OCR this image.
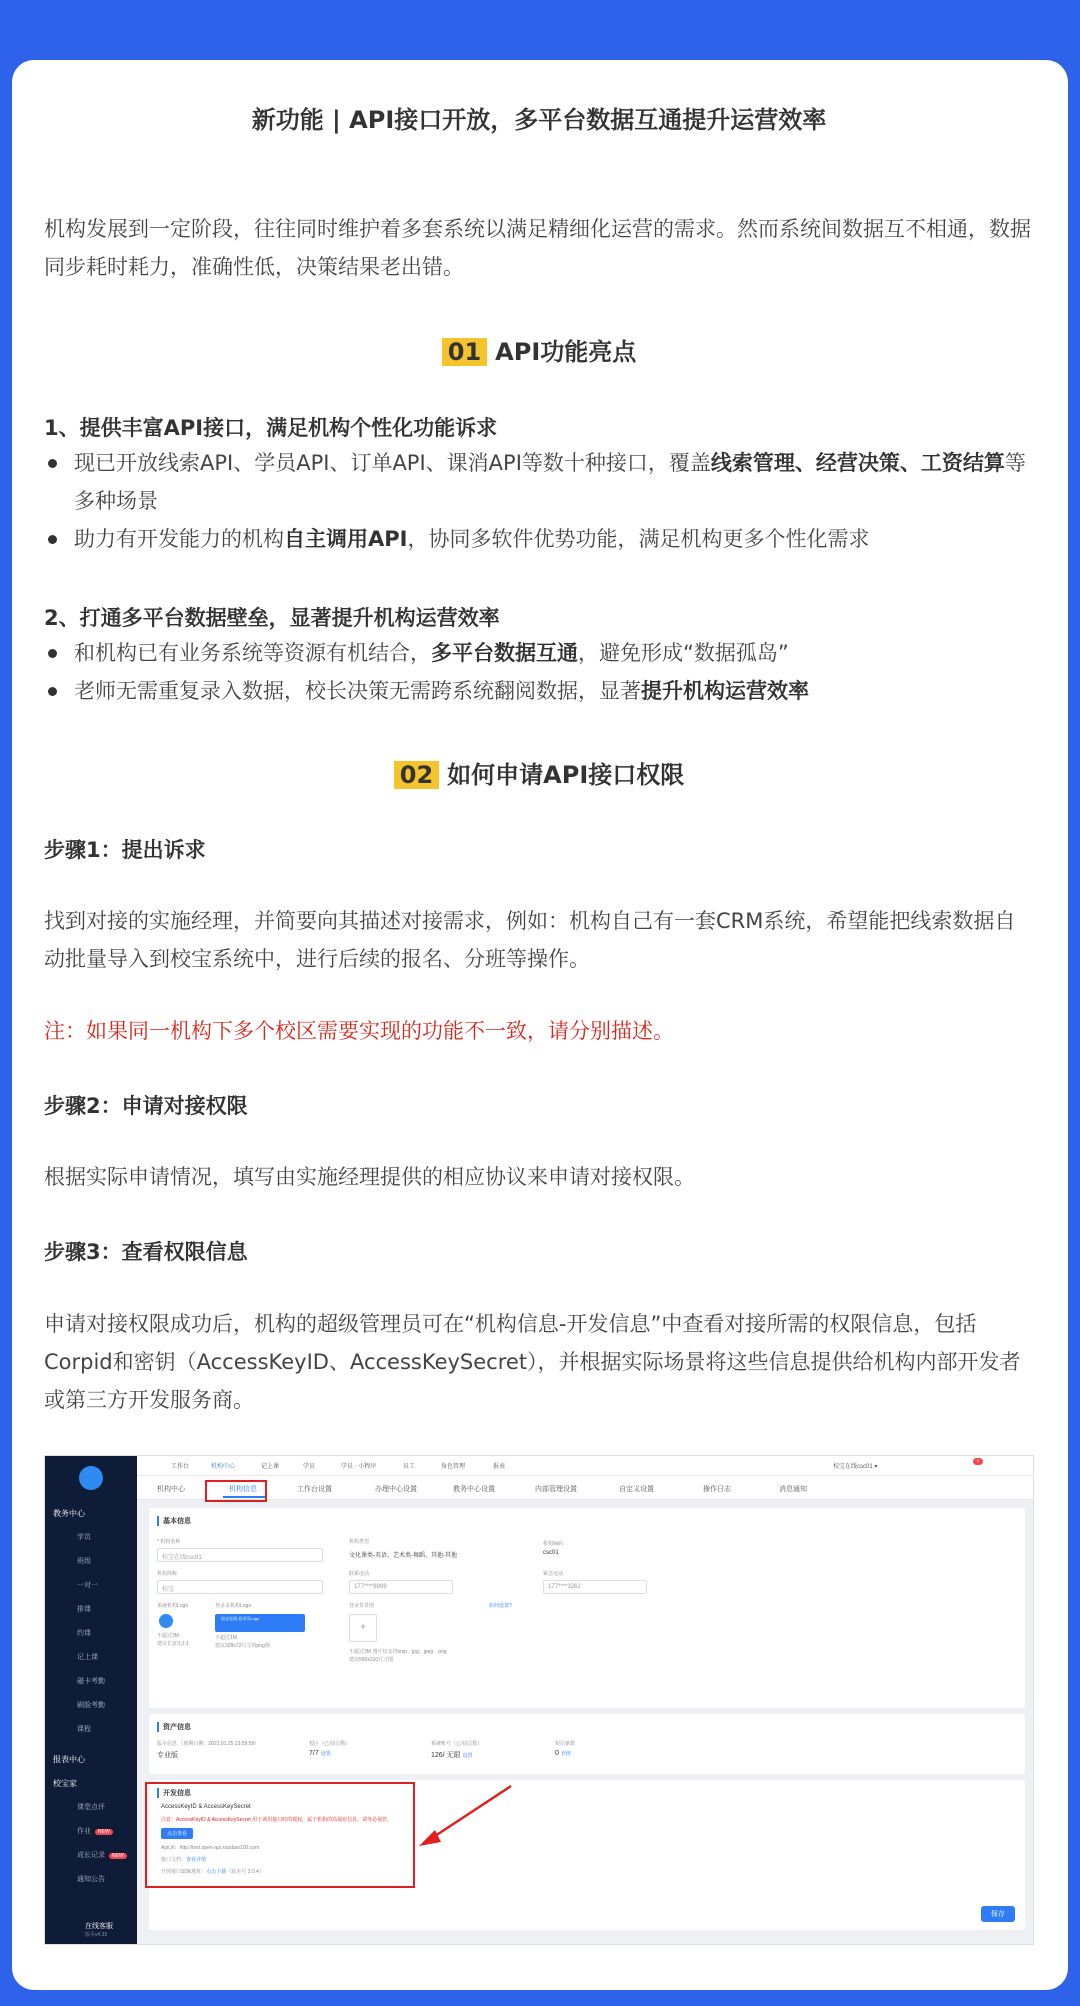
新功能 | API接口开放，多平台数据互通提升运营效率
机构发展到一定阶段，往往同时维护着多套系统以满足精细化运营的需求。然而系统间数据互不相通，数据同步耗时耗力，准确性低，决策结果老出错。
01 API功能亮点
1、提供丰富API接口，满足机构个性化功能诉求
现已开放线索API、学员API、订单API、课消API等数十种接口，覆盖线索管理、经营决策、工资结算等多种场景
助力有开发能力的机构自主调用API，协同多软件优势功能，满足机构更多个性化需求
2、打通多平台数据壁垒，显著提升机构运营效率
和机构已有业务系统等资源有机结合，多平台数据互通，避免形成“数据孤岛”
老师无需重复录入数据，校长决策无需跨系统翻阅数据，显著提升机构运营效率
02 如何申请API接口权限
步骤1：提出诉求
找到对接的实施经理，并简要向其描述对接需求，例如：机构自己有一套CRM系统，希望能把线索数据自动批量导入到校宝系统中，进行后续的报名、分班等操作。
注：如果同一机构下多个校区需要实现的功能不一致，请分别描述。
步骤2：申请对接权限
根据实际申请情况，填写由实施经理提供的相应协议来申请对接权限。
步骤3：查看权限信息
申请对接权限成功后，机构的超级管理员可在“机构信息-开发信息”中查看对接所需的权限信息，包括Corpid和密钥（AccessKeyID、AccessKeySecret），并根据实际场景将这些信息提供给机构内部开发者或第三方开发服务商。
教务中心
学员
班级
一对一
排课
约课
记上课
磁卡考勤
刷脸考勤
课程
报表中心
校宝家
课堂点评
作业 NEW
成长记录 NEW
通知公告
在线客服
版本v4.39
工作台	机构中心	记上课	学员	学员 · 小程序	员工	角色管理	报表	校宝在线csc01 ▾
3
机构中心	机构信息	工作台设置	办理中心设置	教务中心设置	内部管理设置	自定义设置	操作日志	消息通知
基本信息
* 机构名称
校宝在线csc01
机构类型
文化课类-英语、艺术类-舞蹈、其他-其他
机构编码
csc01
机构简称
校宝
联系电话
177****8889
紧急电话
177****3262
系统机构Logo
不超过3M
建议长宽比1:1
登录页机构Logo
校宝在线-登录页Logo
不超过1M
建议328x72尺寸的png图
登录背景图	如何设置?
+
不超过3M 图片仅支持bmp、jpg、jpeg、png
建议560x310尺寸图
资产信息
版本信息 （到期日期：2021.01.25 23:59:59）
专业版
校区（已用/总数）
7/7 设置
系统账号（已用/总数）
126/ 无限 设置
短信条数
0 充值
开发信息
AccessKeyID & AccessKeySecret
注意：AccessKeyID & AccessKeySecret 用于调用接口时的授权，属于机构的高保密信息，请务必保管。
点击查看
ApiUrl：http://test.open-api.xiaobao100.com
接口文档：查看详情
开放接口SDK地址：点击下载（版本号 3.0.4）
保存
